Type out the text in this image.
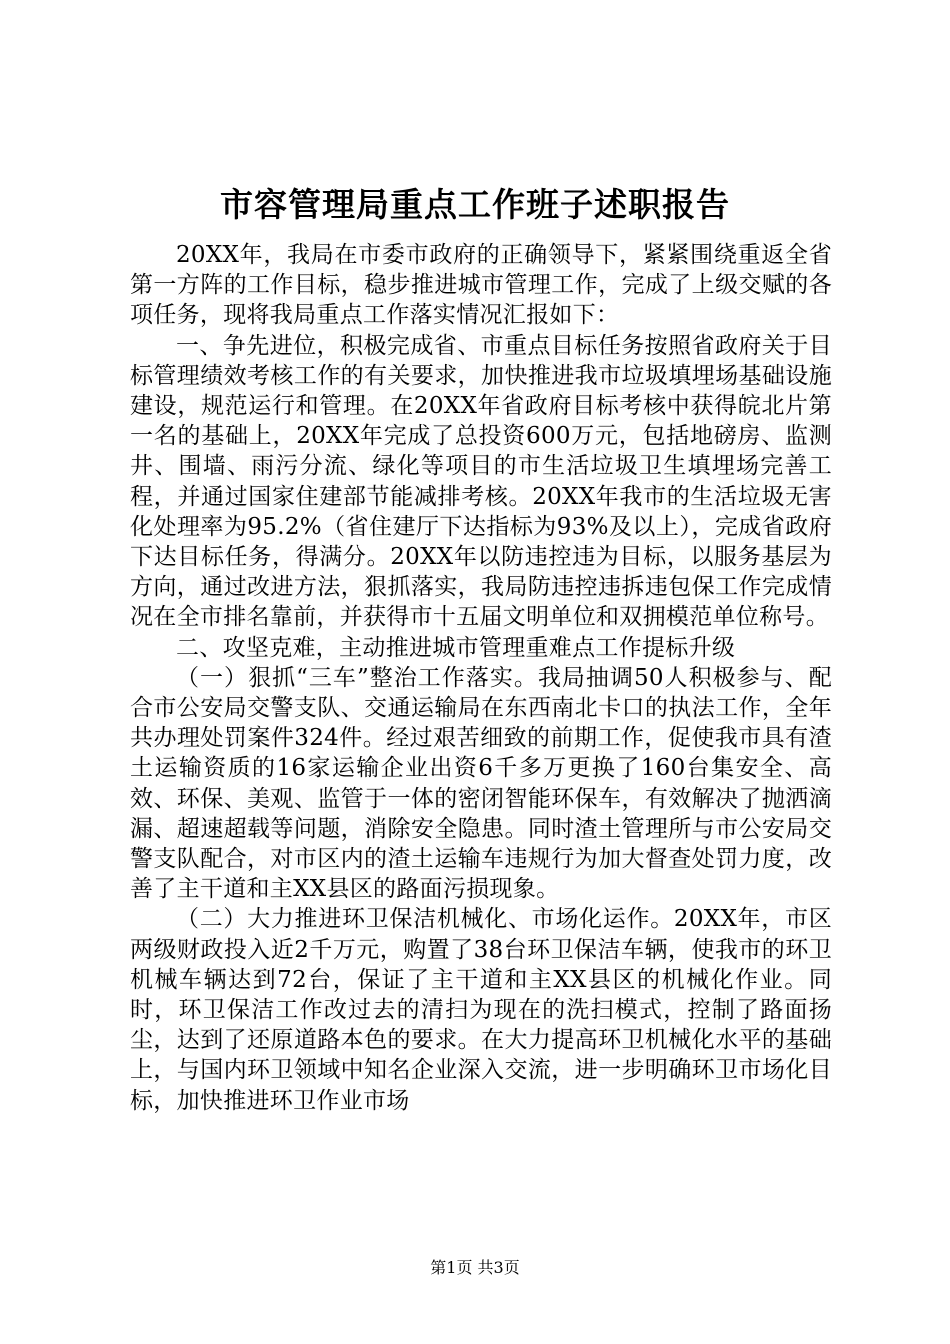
市容管理局重点工作班子述职报告

20XX年，我局在市委市政府的正确领导下，紧紧围绕重返全省第一方阵的工作目标，稳步推进城市管理工作，完成了上级交赋的各项任务，现将我局重点工作落实情况汇报如下：

一、争先进位，积极完成省、市重点目标任务按照省政府关于目标管理绩效考核工作的有关要求，加快推进我市垃圾填埋场基础设施建设，规范运行和管理。在20XX年省政府目标考核中获得皖北片第一名的基础上，20XX年完成了总投资600万元，包括地磅房、监测井、围墙、雨污分流、绿化等项目的市生活垃圾卫生填埋场完善工程，并通过国家住建部节能减排考核。20XX年我市的生活垃圾无害化处理率为95.2%（省住建厅下达指标为93%及以上），完成省政府下达目标任务，得满分。20XX年以防违控违为目标，以服务基层为方向，通过改进方法，狠抓落实，我局防违控违拆违包保工作完成情况在全市排名靠前，并获得市十五届文明单位和双拥模范单位称号。

二、攻坚克难，主动推进城市管理重难点工作提标升级

（一）狠抓“三车”整治工作落实。我局抽调50人积极参与、配合市公安局交警支队、交通运输局在东西南北卡口的执法工作，全年共办理处罚案件324件。经过艰苦细致的前期工作，促使我市具有渣土运输资质的16家运输企业出资6千多万更换了160台集安全、高效、环保、美观、监管于一体的密闭智能环保车，有效解决了抛洒滴漏、超速超载等问题，消除安全隐患。同时渣土管理所与市公安局交警支队配合，对市区内的渣土运输车违规行为加大督查处罚力度，改善了主干道和主XX县区的路面污损现象。

（二）大力推进环卫保洁机械化、市场化运作。20XX年，市区两级财政投入近2千万元，购置了38台环卫保洁车辆，使我市的环卫机械车辆达到72台，保证了主干道和主XX县区的机械化作业。同时，环卫保洁工作改过去的清扫为现在的洗扫模式，控制了路面扬尘，达到了还原道路本色的要求。在大力提高环卫机械化水平的基础上，与国内环卫领域中知名企业深入交流，进一步明确环卫市场化目标，加快推进环卫作业市场

第1页 共3页
